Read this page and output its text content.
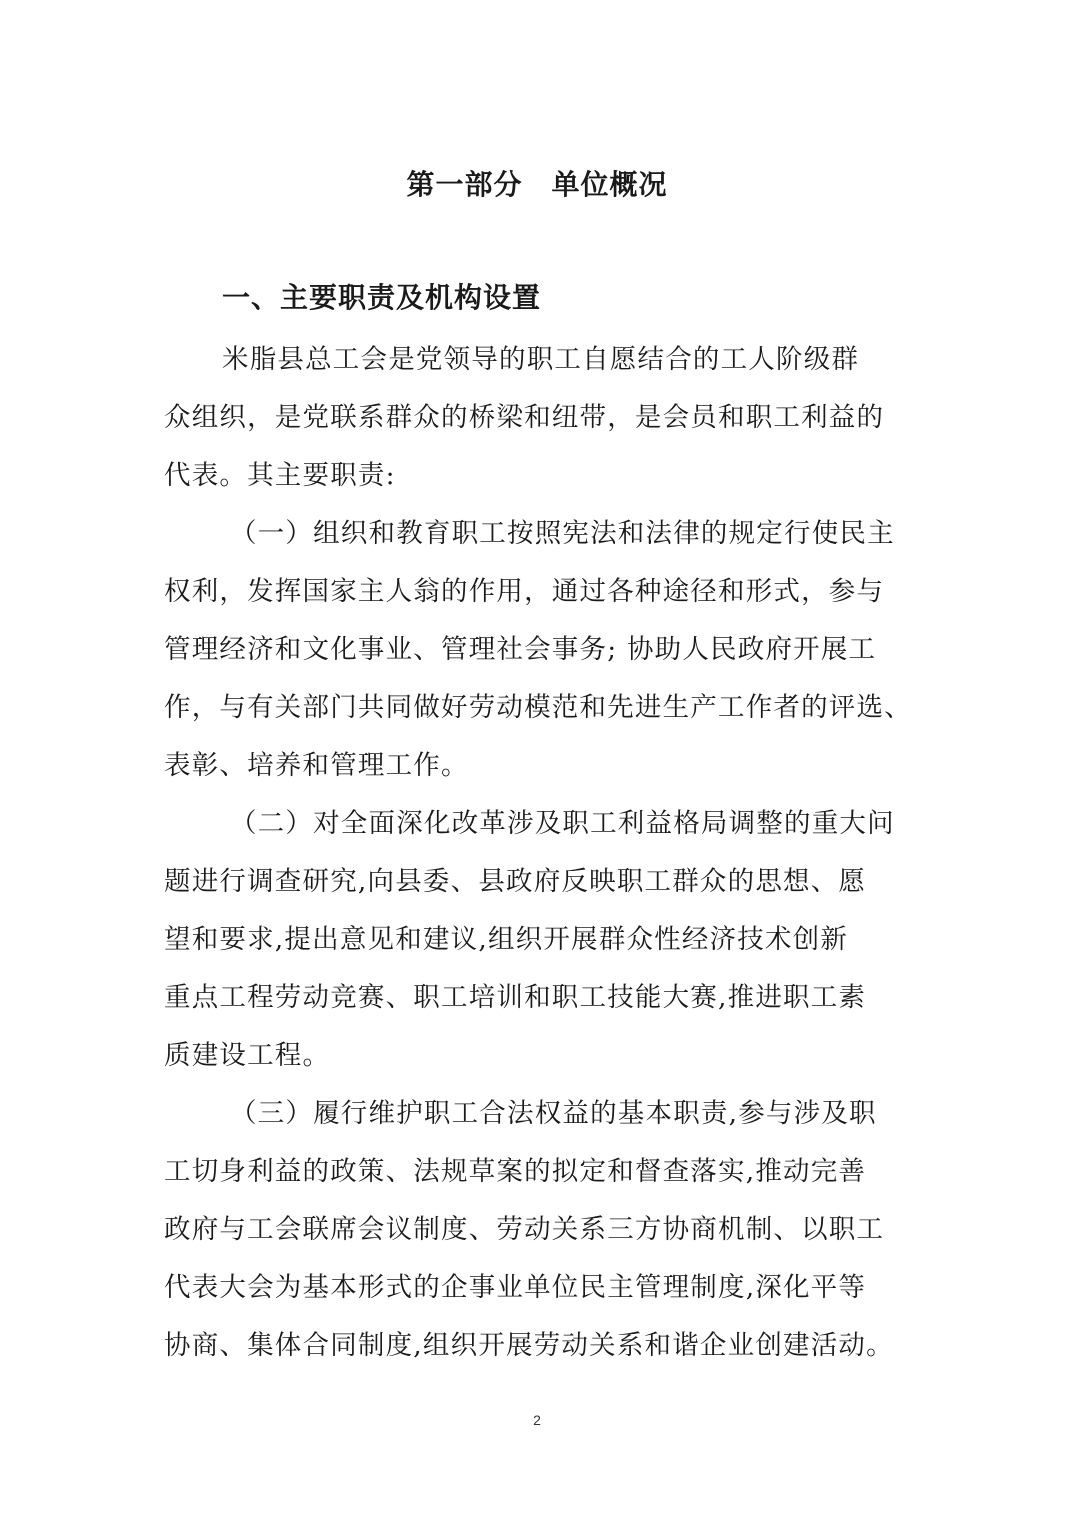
第一部分　单位概况
一、主要职责及机构设置
米脂县总工会是党领导的职工自愿结合的工人阶级群
众组织，是党联系群众的桥梁和纽带，是会员和职工利益的
代表。其主要职责:
（一）组织和教育职工按照宪法和法律的规定行使民主
权利，发挥国家主人翁的作用，通过各种途径和形式，参与
管理经济和文化事业、管理社会事务; 协助人民政府开展工
作，与有关部门共同做好劳动模范和先进生产工作者的评选、
表彰、培养和管理工作。
（二）对全面深化改革涉及职工利益格局调整的重大问
题进行调查研究,向县委、县政府反映职工群众的思想、愿
望和要求,提出意见和建议,组织开展群众性经济技术创新
重点工程劳动竞赛、职工培训和职工技能大赛,推进职工素
质建设工程。
（三）履行维护职工合法权益的基本职责,参与涉及职
工切身利益的政策、法规草案的拟定和督查落实,推动完善
政府与工会联席会议制度、劳动关系三方协商机制、以职工
代表大会为基本形式的企事业单位民主管理制度,深化平等
协商、集体合同制度,组织开展劳动关系和谐企业创建活动。
2
